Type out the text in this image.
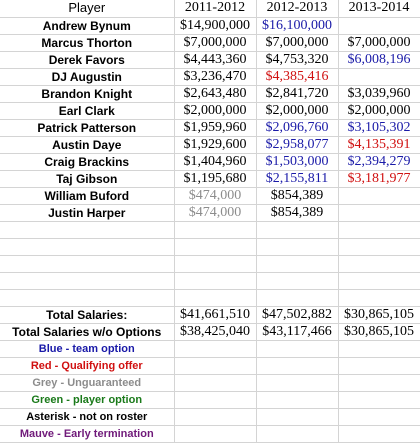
Player	2011-2012	2012-2013	2013-2014
Andrew Bynum	$14,900,000	$16,100,000	
Marcus Thorton	$7,000,000	$7,000,000	$7,000,000
Derek Favors	$4,443,360	$4,753,320	$6,008,196
DJ Augustin	$3,236,470	$4,385,416	
Brandon Knight	$2,643,480	$2,841,720	$3,039,960
Earl Clark	$2,000,000	$2,000,000	$2,000,000
Patrick Patterson	$1,959,960	$2,096,760	$3,105,302
Austin Daye	$1,929,600	$2,958,077	$4,135,391
Craig Brackins	$1,404,960	$1,503,000	$2,394,279
Taj Gibson	$1,195,680	$2,155,811	$3,181,977
William Buford	$474,000	$854,389	
Justin Harper	$474,000	$854,389	

Total Salaries:	$41,661,510	$47,502,882	$30,865,105
Total Salaries w/o Options	$38,425,040	$43,117,466	$30,865,105
Blue - team option			
Red - Qualifying offer			
Grey - Unguaranteed			
Green - player option			
Asterisk - not on roster			
Mauve - Early termination			
